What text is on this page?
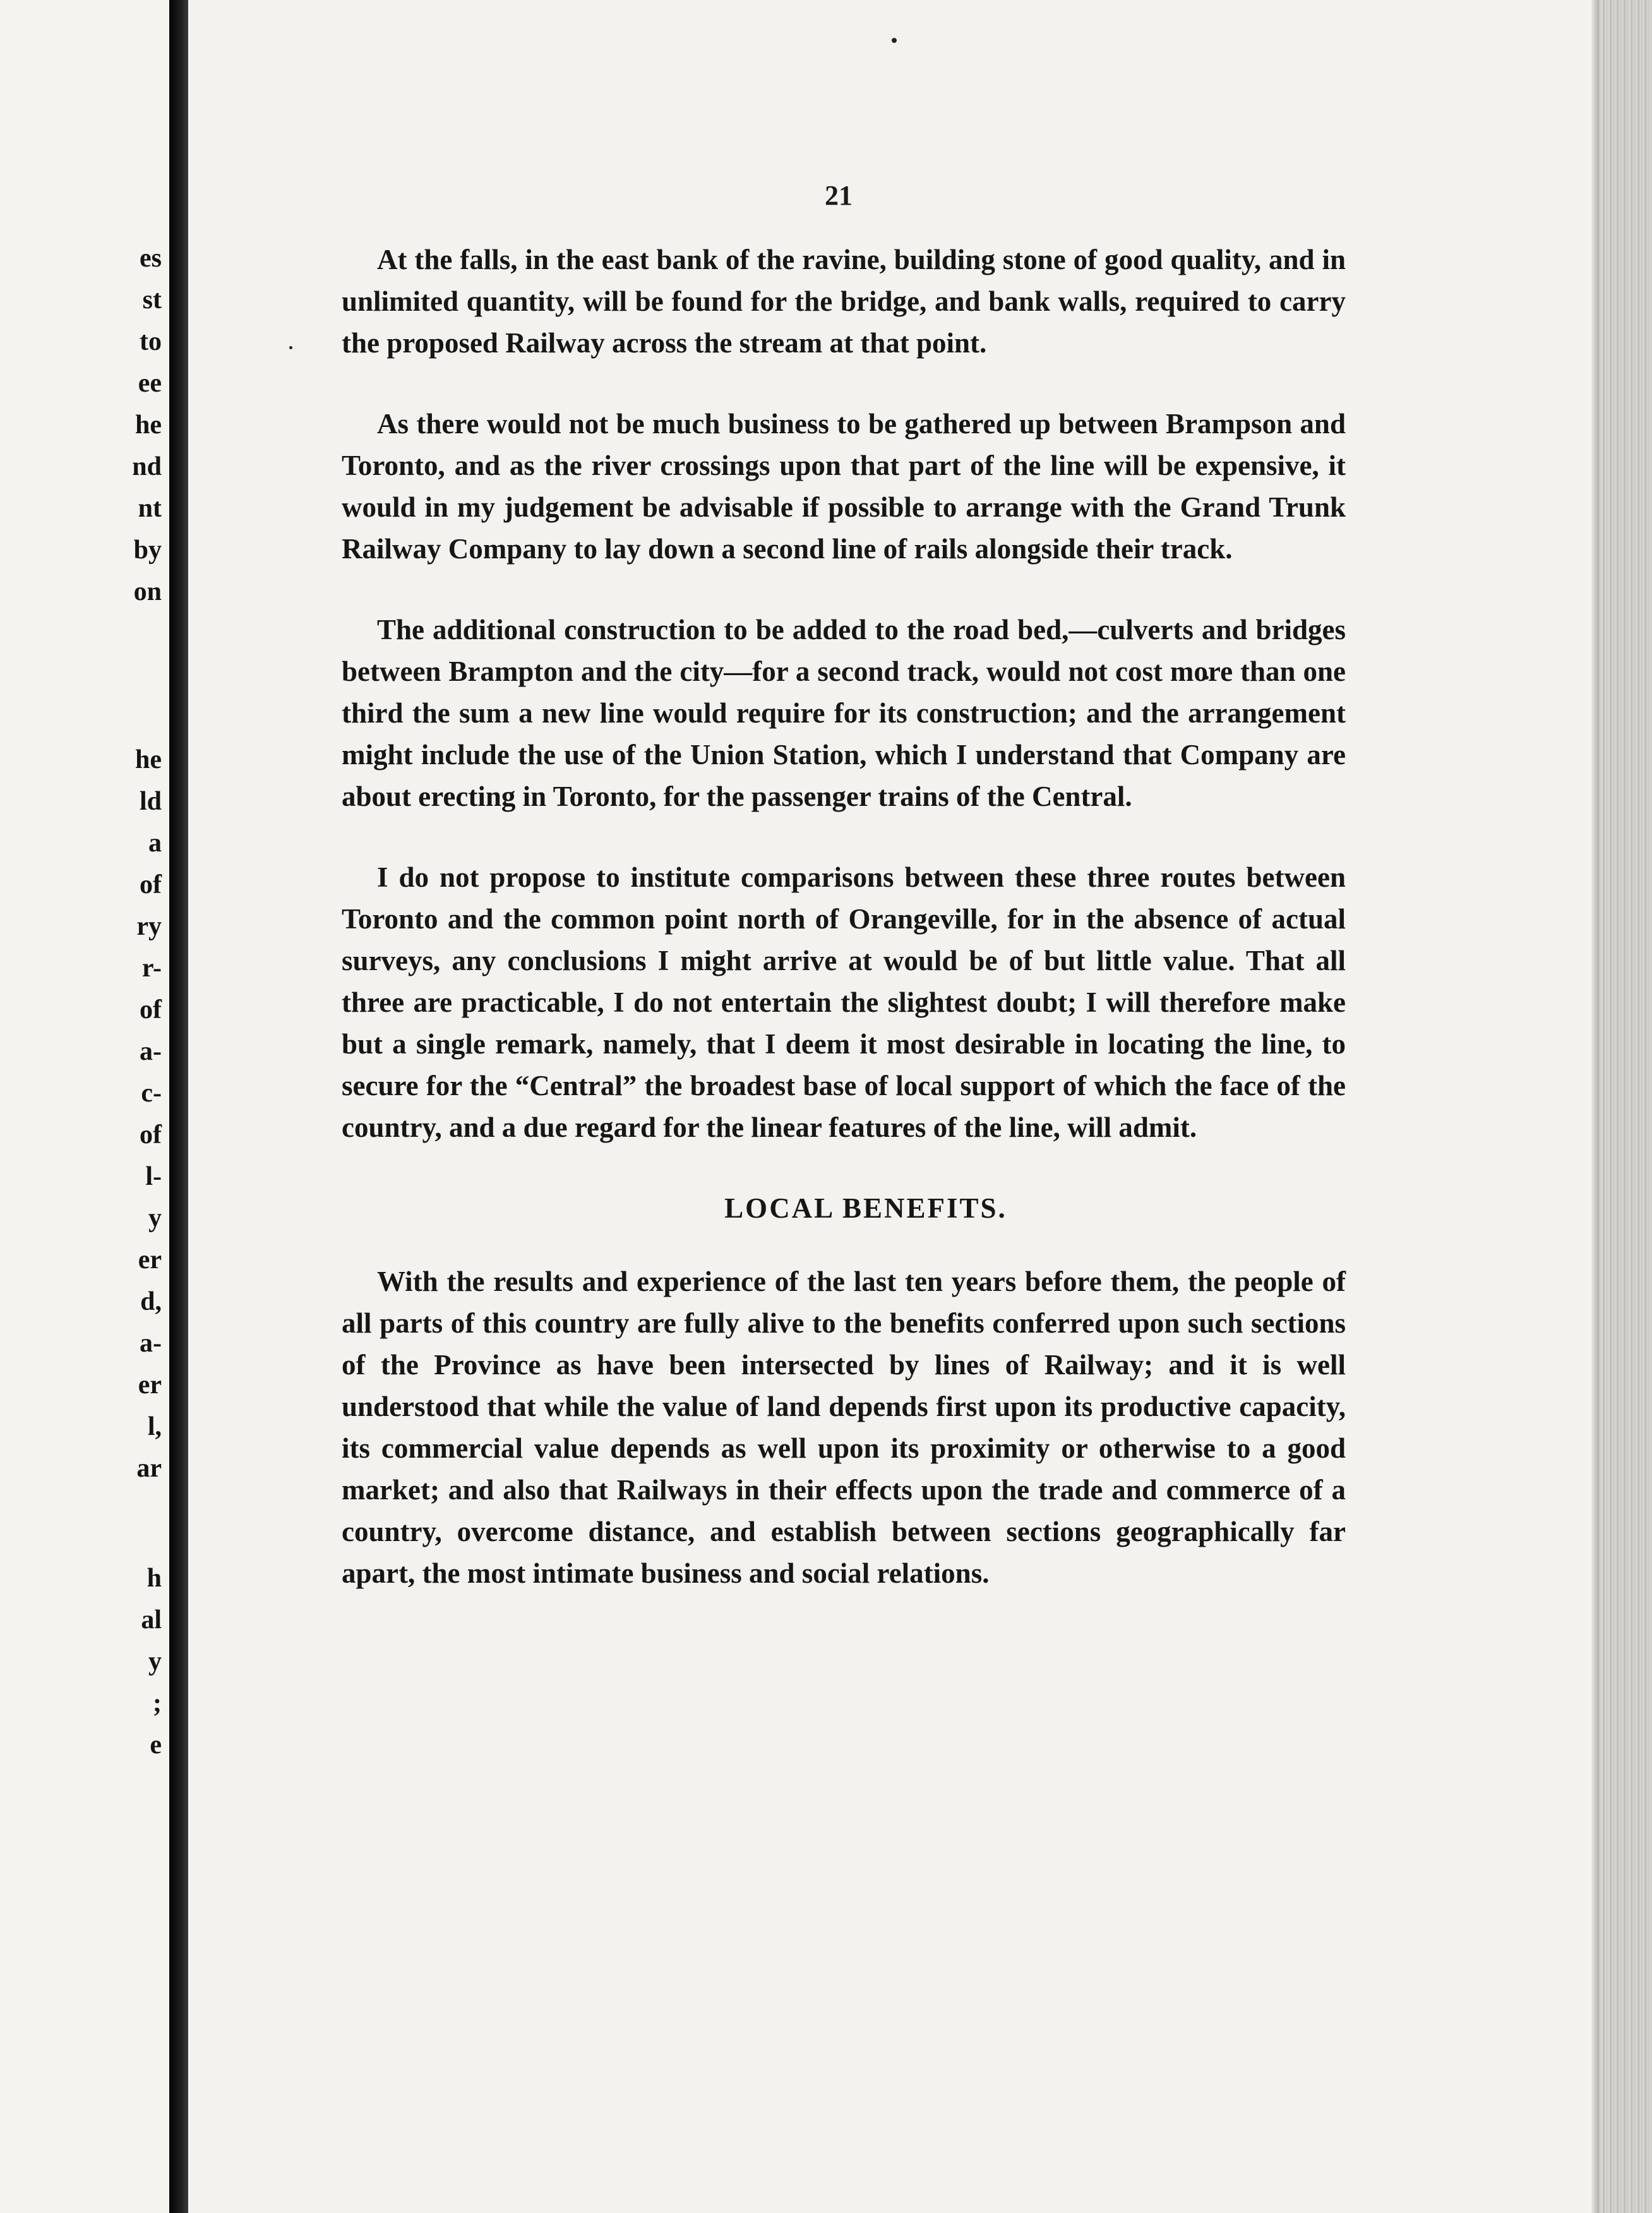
es
st
to
ee
he
nd
nt
by
on
he
ld
a
of
ry
r-
of
a-
c-
of
l-
y
er
d,
a-
er
l,
ar
h
al
y
;
e
21

At the falls, in the east bank of the ravine, building stone of good quality, and in unlimited quantity, will be found for the bridge, and bank walls, required to carry the proposed Railway across the stream at that point.

As there would not be much business to be gathered up between Brampson and Toronto, and as the river crossings upon that part of the line will be expensive, it would in my judgement be advisable if possible to arrange with the Grand Trunk Railway Company to lay down a second line of rails alongside their track.

The additional construction to be added to the road bed,—culverts and bridges between Brampton and the city—for a second track, would not cost more than one third the sum a new line would require for its construction; and the arrangement might include the use of the Union Station, which I understand that Company are about erecting in Toronto, for the passenger trains of the Central.

I do not propose to institute comparisons between these three routes between Toronto and the common point north of Orangeville, for in the absence of actual surveys, any conclusions I might arrive at would be of but little value. That all three are practicable, I do not entertain the slightest doubt; I will therefore make but a single remark, namely, that I deem it most desirable in locating the line, to secure for the “Central” the broadest base of local support of which the face of the country, and a due regard for the linear features of the line, will admit.

LOCAL BENEFITS.

With the results and experience of the last ten years before them, the people of all parts of this country are fully alive to the benefits conferred upon such sections of the Province as have been intersected by lines of Railway; and it is well understood that while the value of land depends first upon its productive capacity, its commercial value depends as well upon its proximity or otherwise to a good market; and also that Railways in their effects upon the trade and commerce of a country, overcome distance, and establish between sections geographically far apart, the most intimate business and social relations.
